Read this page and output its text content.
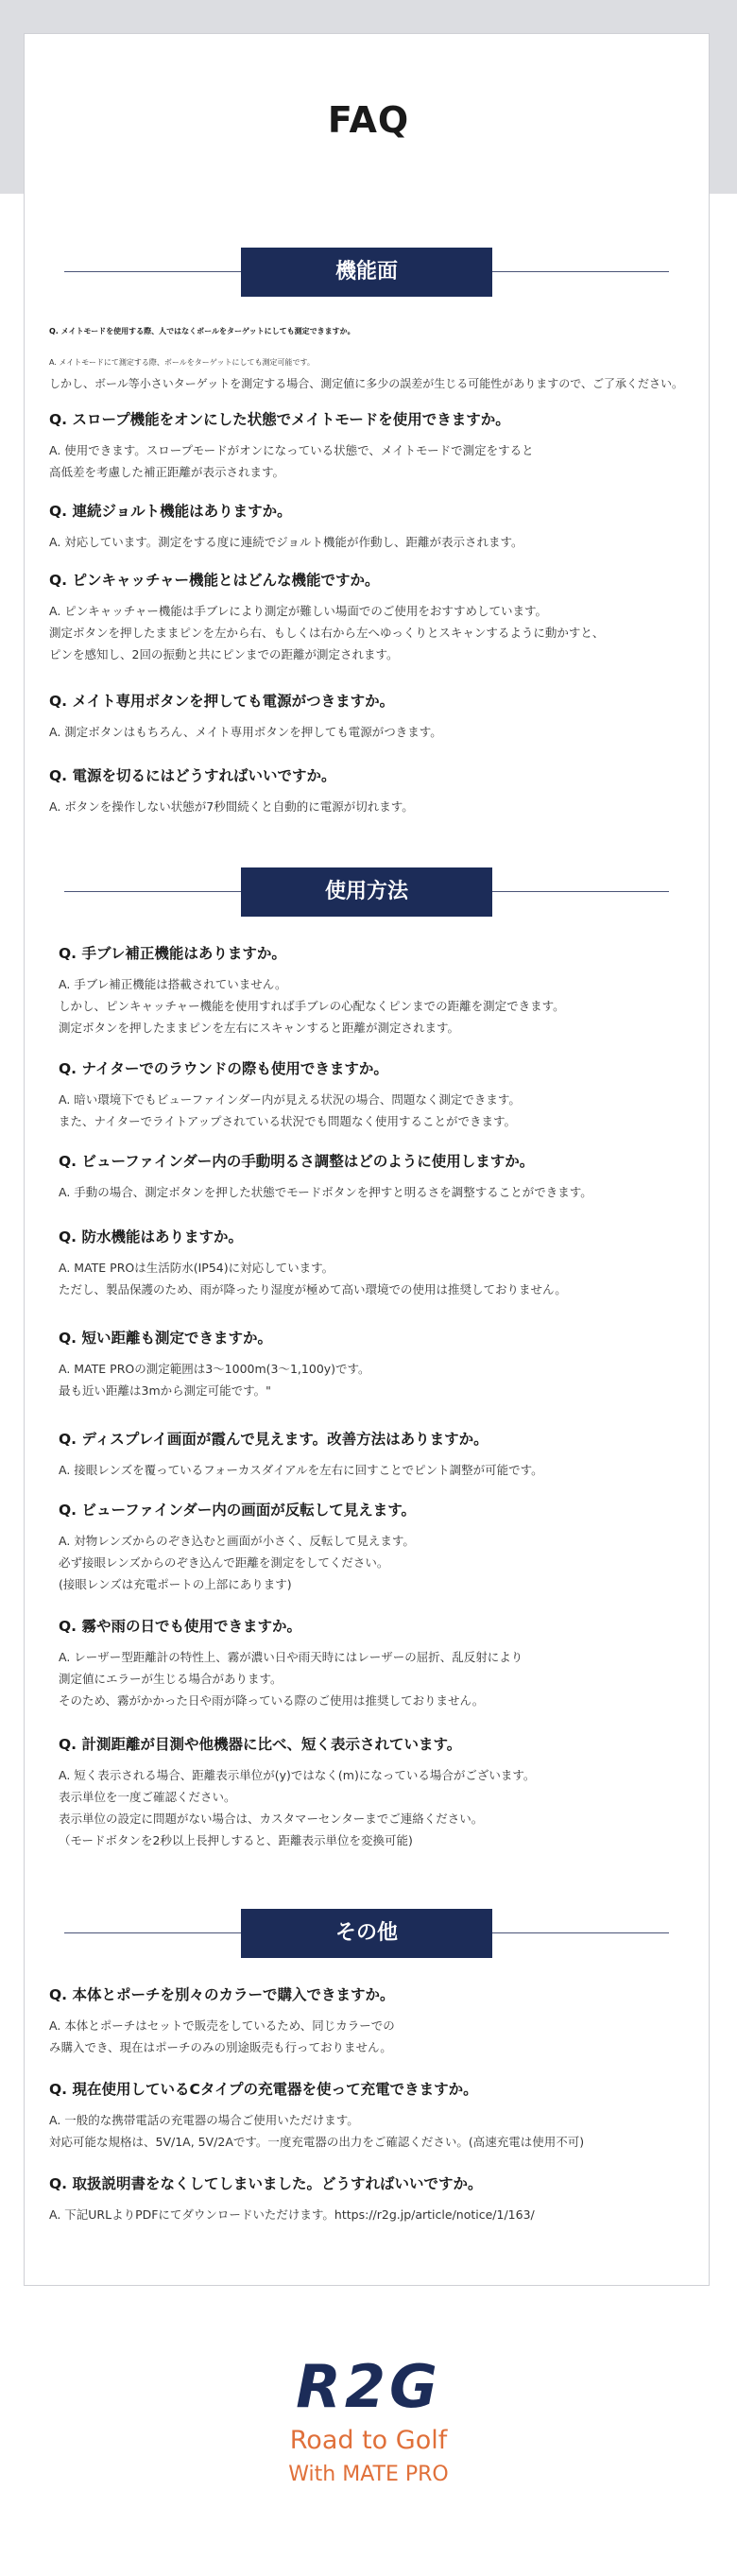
FAQ
機能面
使用方法
その他
Q. メイトモードを使用する際、人ではなくボールをターゲットにしても測定できますか。
A. メイトモードにて測定する際、ボールをターゲットにしても測定可能です。
しかし、ボール等小さいターゲットを測定する場合、測定値に多少の誤差が生じる可能性がありますので、ご了承ください。
Q. スロープ機能をオンにした状態でメイトモードを使用できますか。
A. 使用できます。スロープモードがオンになっている状態で、メイトモードで測定をすると
高低差を考慮した補正距離が表示されます。
Q. 連続ジョルト機能はありますか。
A. 対応しています。測定をする度に連続でジョルト機能が作動し、距離が表示されます。
Q. ピンキャッチャー機能とはどんな機能ですか。
A. ピンキャッチャー機能は手ブレにより測定が難しい場面でのご使用をおすすめしています。
測定ボタンを押したままピンを左から右、もしくは右から左へゆっくりとスキャンするように動かすと、
ピンを感知し、2回の振動と共にピンまでの距離が測定されます。
Q. メイト専用ボタンを押しても電源がつきますか。
A. 測定ボタンはもちろん、メイト専用ボタンを押しても電源がつきます。
Q. 電源を切るにはどうすればいいですか。
A. ボタンを操作しない状態が7秒間続くと自動的に電源が切れます。
Q. 手ブレ補正機能はありますか。
A. 手ブレ補正機能は搭載されていません。
しかし、ピンキャッチャー機能を使用すれば手ブレの心配なくピンまでの距離を測定できます。
測定ボタンを押したままピンを左右にスキャンすると距離が測定されます。
Q. ナイターでのラウンドの際も使用できますか。
A. 暗い環境下でもビューファインダー内が見える状況の場合、問題なく測定できます。
また、ナイターでライトアップされている状況でも問題なく使用することができます。
Q. ビューファインダー内の手動明るさ調整はどのように使用しますか。
A. 手動の場合、測定ボタンを押した状態でモードボタンを押すと明るさを調整することができます。
Q. 防水機能はありますか。
A. MATE PROは生活防水(IP54)に対応しています。
ただし、製品保護のため、雨が降ったり湿度が極めて高い環境での使用は推奨しておりません。
Q. 短い距離も測定できますか。
A. MATE PROの測定範囲は3〜1000m(3〜1,100y)です。
最も近い距離は3mから測定可能です。"
Q. ディスプレイ画面が霞んで見えます。改善方法はありますか。
A. 接眼レンズを覆っているフォーカスダイアルを左右に回すことでピント調整が可能です。
Q. ビューファインダー内の画面が反転して見えます。
A. 対物レンズからのぞき込むと画面が小さく、反転して見えます。
必ず接眼レンズからのぞき込んで距離を測定をしてください。
(接眼レンズは充電ポートの上部にあります)
Q. 霧や雨の日でも使用できますか。
A. レーザー型距離計の特性上、霧が濃い日や雨天時にはレーザーの屈折、乱反射により
測定値にエラーが生じる場合があります。
そのため、霧がかかった日や雨が降っている際のご使用は推奨しておりません。
Q. 計測距離が目測や他機器に比べ、短く表示されています。
A. 短く表示される場合、距離表示単位が(y)ではなく(m)になっている場合がございます。
表示単位を一度ご確認ください。
表示単位の設定に問題がない場合は、カスタマーセンターまでご連絡ください。
（モードボタンを2秒以上長押しすると、距離表示単位を変換可能)
Q. 本体とポーチを別々のカラーで購入できますか。
A. 本体とポーチはセットで販売をしているため、同じカラーでの
み購入でき、現在はポーチのみの別途販売も行っておりません。
Q. 現在使用しているCタイプの充電器を使って充電できますか。
A. 一般的な携帯電話の充電器の場合ご使用いただけます。
対応可能な規格は、5V/1A, 5V/2Aです。一度充電器の出力をご確認ください。(高速充電は使用不可)
Q. 取扱説明書をなくしてしまいました。どうすればいいですか。
A. 下記URLよりPDFにてダウンロードいただけます。https://r2g.jp/article/notice/1/163/
R2G
Road to Golf
With MATE PRO
